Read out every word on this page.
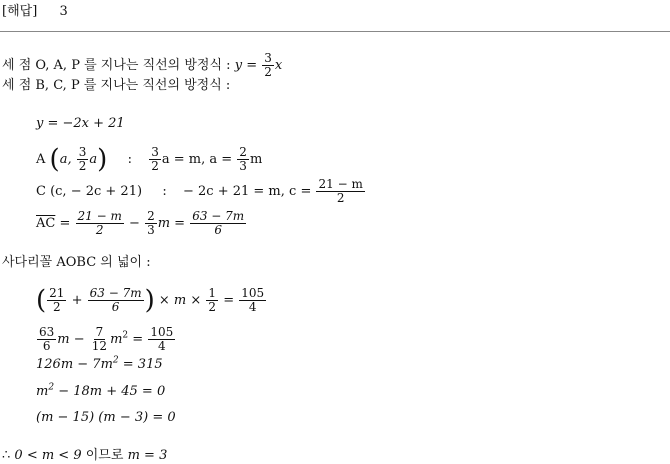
[해답] 3
세 점 O, A, P 를 지나는 직선의 방정식 : $y = \frac{3}{2}$ x
세 점 B, C, P 를 지나는 직선의 방정식 :
y = −2x + 21
A (a, $\frac{3}{2} a$) : $\frac{3}{2}$ a = m, $a = \frac{2}{3}$ m
C (c, − 2c + 21) : − 2c + 21 = m, $c = \frac{21 - m}{2}$
$\overline{AC} = \frac{21 - m}{2} - \frac{2}{3}$ $m = \frac{63 - 7m}{6}$
사다리꼴 AOBC 의 넓이 :
( $\frac{21}{2} + \frac{63 - 7m}{6}$ ) × $m \times \frac{1}{2} = \frac{105}{4}$
$\frac{63}{6}$ $m - \frac{7}{12} m^2 = \frac{105}{4}$
$126m - 7m^2 = 315$
$m^2 - 18m + 45 = 0$
(m − 15) (m − 3) = 0
∴ 0 < m < 9 이므로 m = 3
